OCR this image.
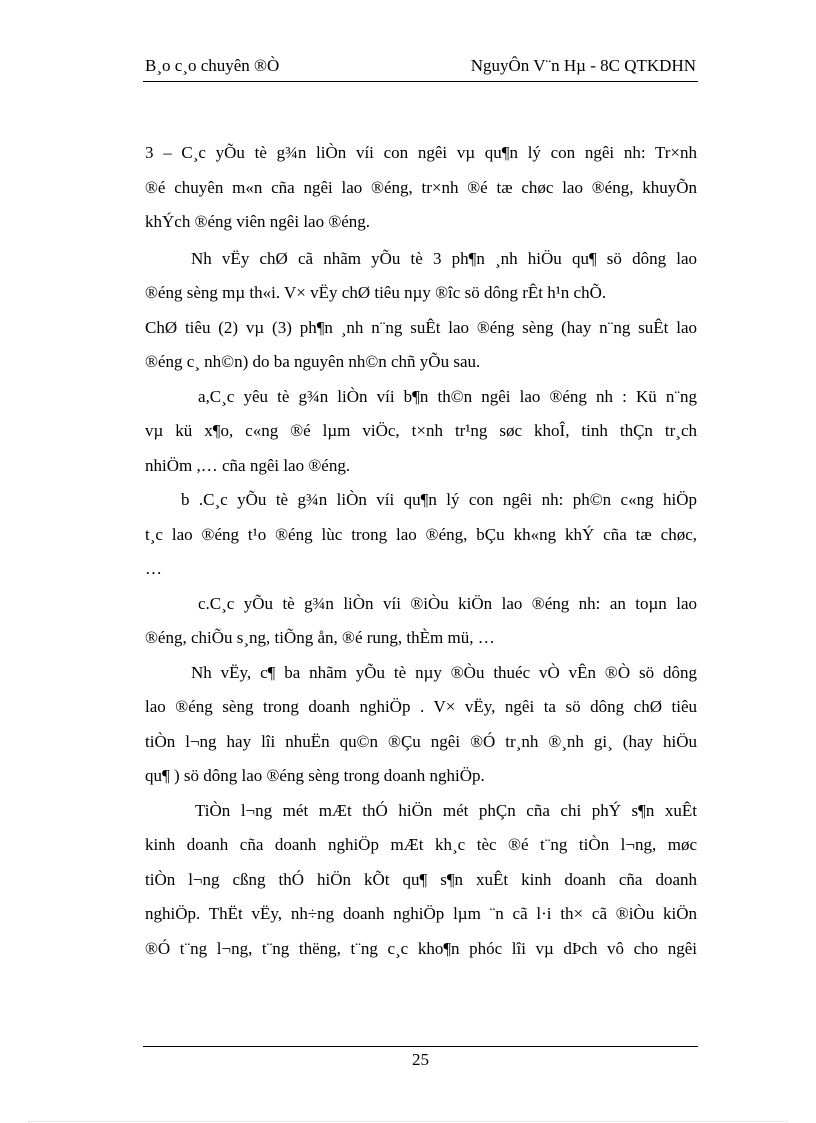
B¸o c¸o chuyên ®Ò	NguyÔn V¨n Hµ - 8C QTKDHN
3 – C¸c yÕu tè g¾n liÒn víi con ngêi vµ qu¶n lý con ngêi nh: Tr×nh
®é chuyên m«n cña ngêi lao ®éng, tr×nh ®é tæ chøc lao ®éng, khuyÕn
khÝch ®éng viên ngêi lao ®éng.
Nh vËy chØ cã nhãm yÕu tè 3 ph¶n ¸nh hiÖu qu¶ sö dông lao
®éng sèng mµ th«i. V× vËy chØ tiêu nµy ®îc sö dông rÊt h¹n chÕ.
ChØ tiêu (2) vµ (3) ph¶n ¸nh n¨ng suÊt lao ®éng sèng (hay n¨ng suÊt lao
®éng c¸ nh©n) do ba nguyên nh©n chñ yÕu sau.
a,C¸c yêu tè g¾n liÒn víi b¶n th©n ngêi lao ®éng nh : Kü n¨ng
vµ kü x¶o, c«ng ®é lµm viÖc, t×nh tr¹ng søc khoÎ, tinh thÇn tr¸ch
nhiÖm ,… cña ngêi lao ®éng.
b .C¸c yÕu tè g¾n liÒn víi qu¶n lý con ngêi nh: ph©n c«ng hiÖp
t¸c lao ®éng t¹o ®éng lùc trong lao ®éng, bÇu kh«ng khÝ cña tæ chøc,
…
c.C¸c yÕu tè g¾n liÒn víi ®iÒu kiÖn lao ®éng nh: an toµn lao
®éng, chiÕu s¸ng, tiÕng ån, ®é rung, thÈm mü, …
Nh vËy, c¶ ba nhãm yÕu tè nµy ®Òu thuéc vÒ vÊn ®Ò sö dông
lao ®éng sèng trong doanh nghiÖp . V× vËy, ngêi ta sö dông chØ tiêu
tiÒn l¬ng hay lîi nhuËn qu©n ®Çu ngêi ®Ó tr¸nh ®¸nh gi¸ (hay hiÖu
qu¶ ) sö dông lao ®éng sèng trong doanh nghiÖp.
TiÒn l¬ng mét mÆt thÓ hiÖn mét phÇn cña chi phÝ s¶n xuÊt
kinh doanh cña doanh nghiÖp mÆt kh¸c tèc ®é t¨ng tiÒn l¬ng, møc
tiÒn l¬ng cßng thÓ hiÖn kÕt qu¶ s¶n xuÊt kinh doanh cña doanh
nghiÖp. ThËt vËy, nh÷ng doanh nghiÖp lµm ¨n cã l·i th× cã ®iÒu kiÖn
®Ó t¨ng l¬ng, t¨ng thëng, t¨ng c¸c kho¶n phóc lîi vµ dÞch vô cho ngêi
25
